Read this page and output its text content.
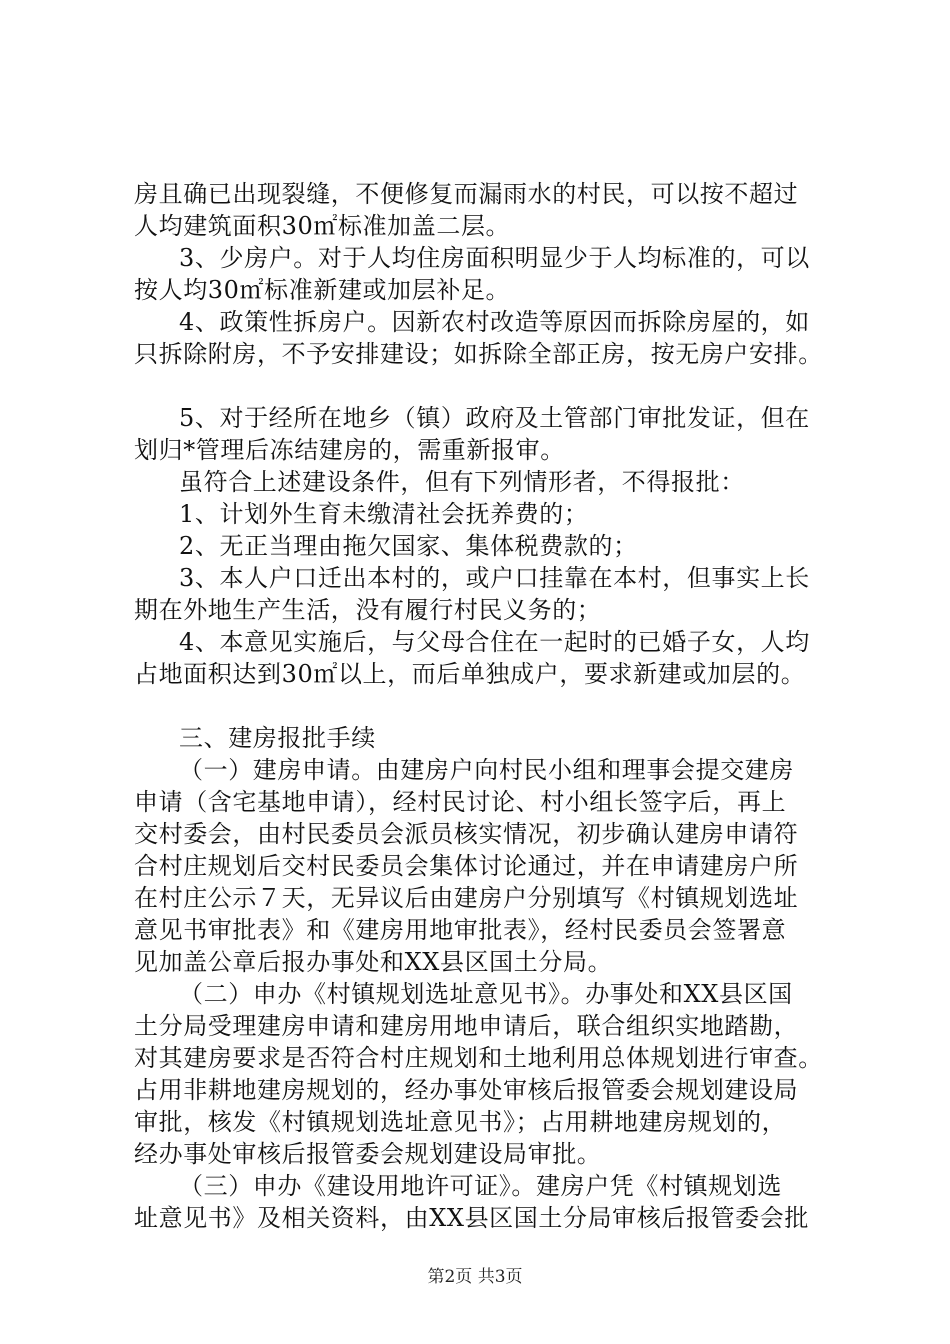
房且确已出现裂缝，不便修复而漏雨水的村民，可以按不超过
人均建筑面积30㎡标准加盖二层。
3、少房户。对于人均住房面积明显少于人均标准的，可以
按人均30㎡标准新建或加层补足。
4、政策性拆房户。因新农村改造等原因而拆除房屋的，如
只拆除附房，不予安排建设；如拆除全部正房，按无房户安排。
5、对于经所在地乡（镇）政府及土管部门审批发证，但在
划归*管理后冻结建房的，需重新报审。
虽符合上述建设条件，但有下列情形者，不得报批：
1、计划外生育未缴清社会抚养费的；
2、无正当理由拖欠国家、集体税费款的；
3、本人户口迁出本村的，或户口挂靠在本村，但事实上长
期在外地生产生活，没有履行村民义务的；
4、本意见实施后，与父母合住在一起时的已婚子女，人均
占地面积达到30㎡以上，而后单独成户，要求新建或加层的。
三、建房报批手续
（一）建房申请。由建房户向村民小组和理事会提交建房
申请（含宅基地申请），经村民讨论、村小组长签字后，再上
交村委会，由村民委员会派员核实情况，初步确认建房申请符
合村庄规划后交村民委员会集体讨论通过，并在申请建房户所
在村庄公示７天，无异议后由建房户分别填写《村镇规划选址
意见书审批表》和《建房用地审批表》，经村民委员会签署意
见加盖公章后报办事处和XX县区国土分局。
（二）申办《村镇规划选址意见书》。办事处和XX县区国
土分局受理建房申请和建房用地申请后，联合组织实地踏勘，
对其建房要求是否符合村庄规划和土地利用总体规划进行审查。
占用非耕地建房规划的，经办事处审核后报管委会规划建设局
审批，核发《村镇规划选址意见书》；占用耕地建房规划的，
经办事处审核后报管委会规划建设局审批。
（三）申办《建设用地许可证》。建房户凭《村镇规划选
址意见书》及相关资料，由XX县区国土分局审核后报管委会批
第2页 共3页
